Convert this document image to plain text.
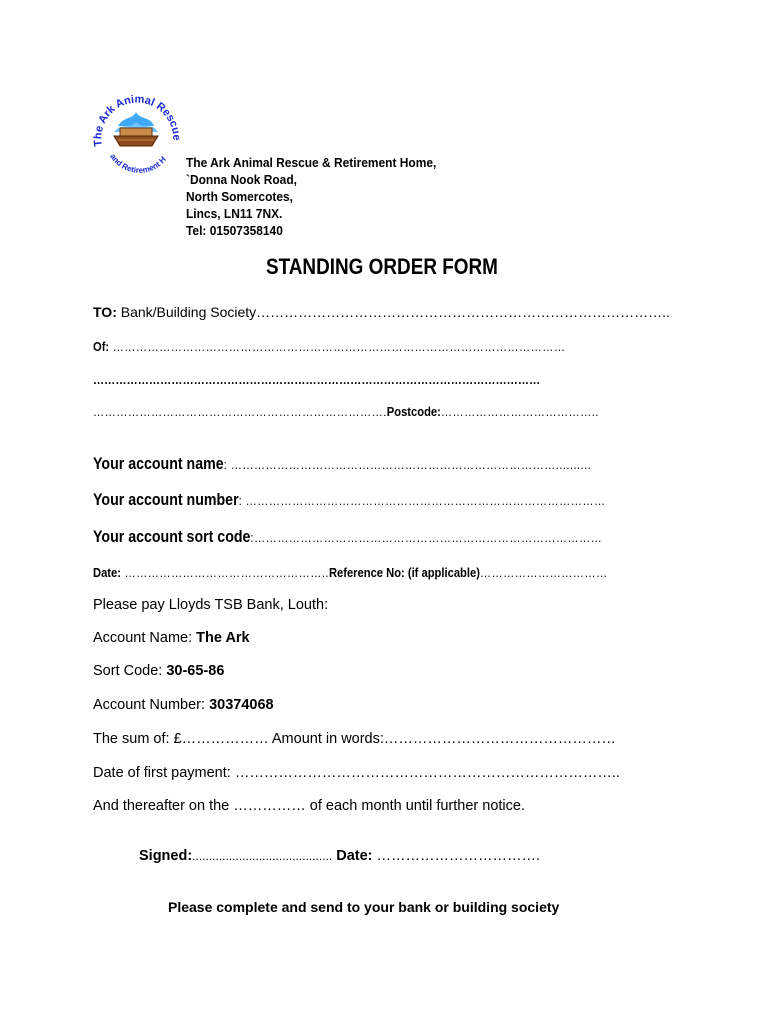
The Ark Animal Rescue
and Retirement H The Ark Animal Rescue & Retirement Home,
`Donna Nook Road,
North Somercotes,
Lincs, LN11 7NX.
Tel: 01507358140
STANDING ORDER FORM
TO: Bank/Building Society……………………………………………………………………………..
Of: ………………………………………………………………………………………………………
…………………………………………………………………………………………………………
………………………………………………………………….Postcode:…………………………………..
Your account name: …………………………………………………………………………..........
Your account number: …………………………………………………………………………………
Your account sort code:………………………………………………………………………………
Date: ……………………………………………..Reference No: (if applicable)……………………………
Please pay Lloyds TSB Bank, Louth:
Account Name: The Ark
Sort Code: 30-65-86
Account Number: 30374068
The sum of: £……………… Amount in words:…………………………………………
Date of first payment: ……………………………………………………………………..
And thereafter on the …………… of each month until further notice.
Signed:.......................................... Date: …………………………….
Please complete and send to your bank or building society
